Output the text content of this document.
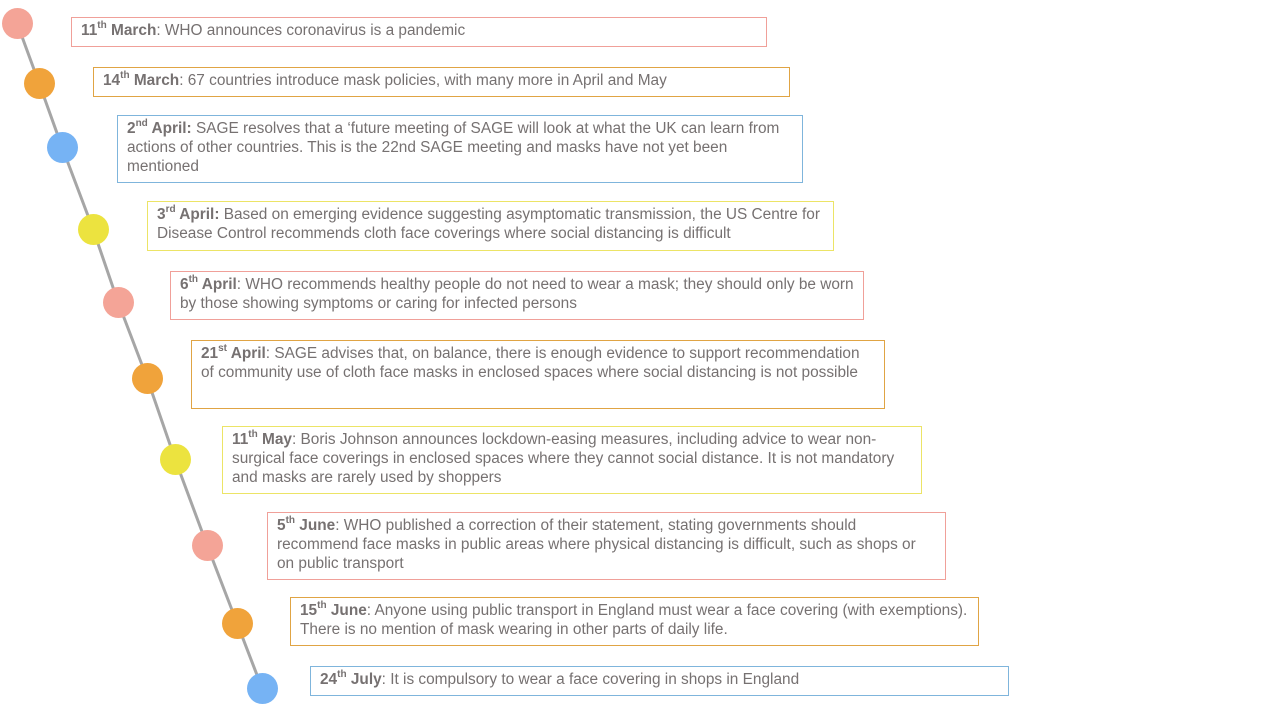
11th March: WHO announces coronavirus is a pandemic
14th March: 67 countries introduce mask policies, with many more in April and May
2nd April: SAGE resolves that a ‘future meeting of SAGE will look at what the UK can learn from actions of other countries. This is the 22nd SAGE meeting and masks have not yet been mentioned
3rd April: Based on emerging evidence suggesting asymptomatic transmission, the US Centre for Disease Control recommends cloth face coverings where social distancing is difficult
6th April: WHO recommends healthy people do not need to wear a mask; they should only be worn by those showing symptoms or caring for infected persons
21st April: SAGE advises that, on balance, there is enough evidence to support recommendation of community use of cloth face masks in enclosed spaces where social distancing is not possible
11th May: Boris Johnson announces lockdown-easing measures, including advice to wear non-surgical face coverings in enclosed spaces where they cannot social distance. It is not mandatory and masks are rarely used by shoppers
5th June: WHO published a correction of their statement, stating governments should recommend face masks in public areas where physical distancing is difficult, such as shops or on public transport
15th June: Anyone using public transport in England must wear a face covering (with exemptions). There is no mention of mask wearing in other parts of daily life.
24th July: It is compulsory to wear a face covering in shops in England
